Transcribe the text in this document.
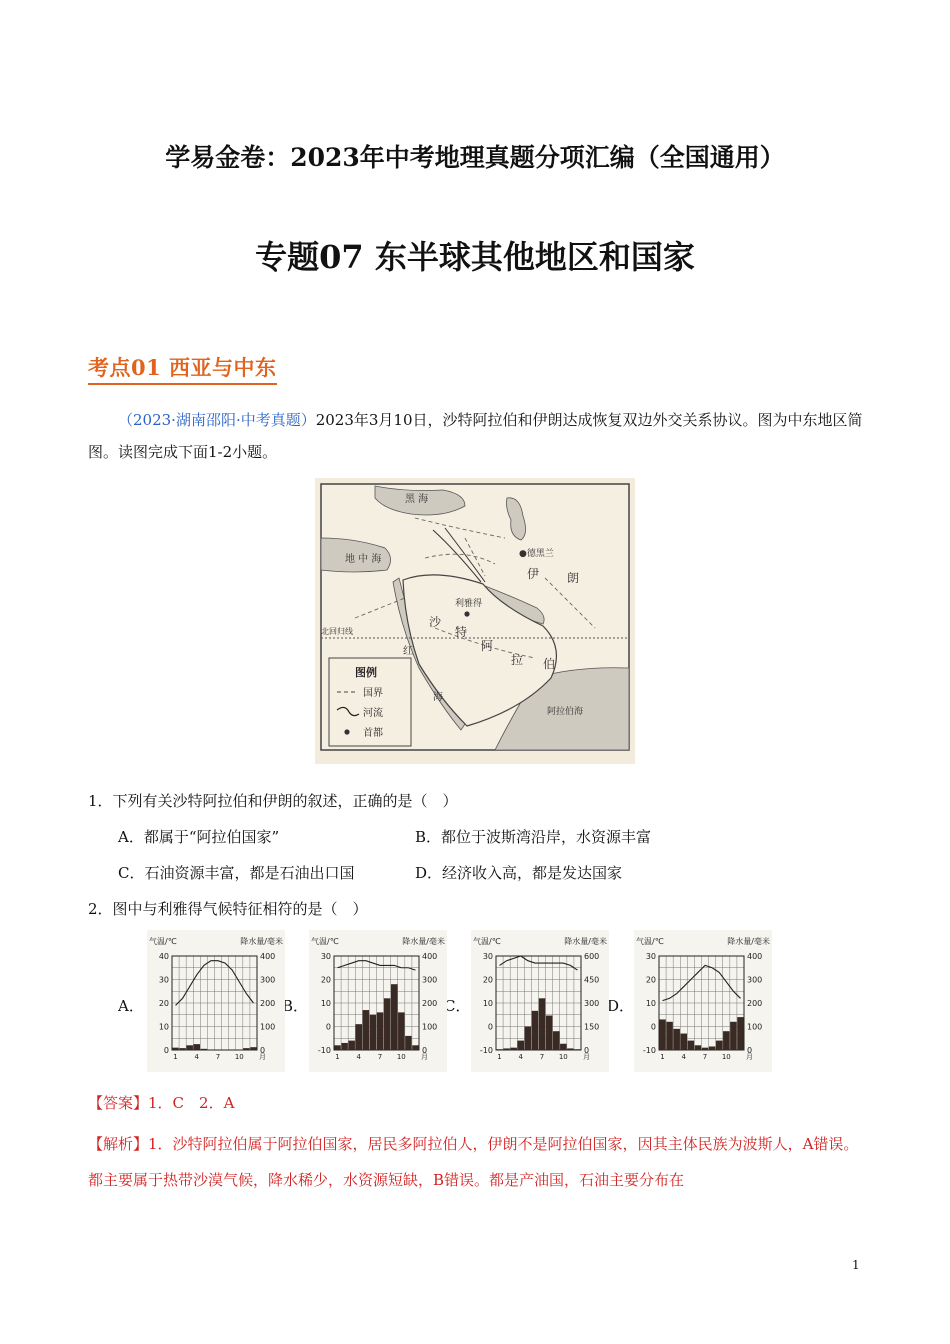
学易金卷：2023年中考地理真题分项汇编（全国通用）
专题07 东半球其他地区和国家
考点01 西亚与中东
（2023·湖南邵阳·中考真题）2023年3月10日，沙特阿拉伯和伊朗达成恢复双边外交关系协议。图为中东地区简图。读图完成下面1-2小题。
黑 海
地 中 海	●德黑兰
伊 朗
利雅得
北回归线
沙
特
阿
拉 伯
红
海
阿拉伯海
图例
国界
河流
首都
1．下列有关沙特阿拉伯和伊朗的叙述，正确的是（　）
A．都属于“阿拉伯国家”	B．都位于波斯湾沿岸，水资源丰富
C．石油资源丰富，都是石油出口国	D．经济收入高，都是发达国家
2．图中与利雅得气候特征相符的是（　）
A．	B．	C．	D．
气温/℃	降水量/毫米
0
10
20
30
40
0
100
200
300
400
1 4 7 10 月
气温/℃	降水量/毫米
-10
0
10
20
30
0
100
200
300
400
1 4 7 10 月
气温/℃	降水量/毫米
-10
0
10
20
30
0
150
300
450
600
1 4 7 10 月
气温/℃	降水量/毫米
-10
0
10
20
30
0
100
200
300
400
1 4 7 10 月
【答案】1．C　2．A
【解析】1．沙特阿拉伯属于阿拉伯国家，居民多阿拉伯人，伊朗不是阿拉伯国家，因其主体民族为波斯人，A错误。都主要属于热带沙漠气候，降水稀少，水资源短缺，B错误。都是产油国，石油主要分布在
1
